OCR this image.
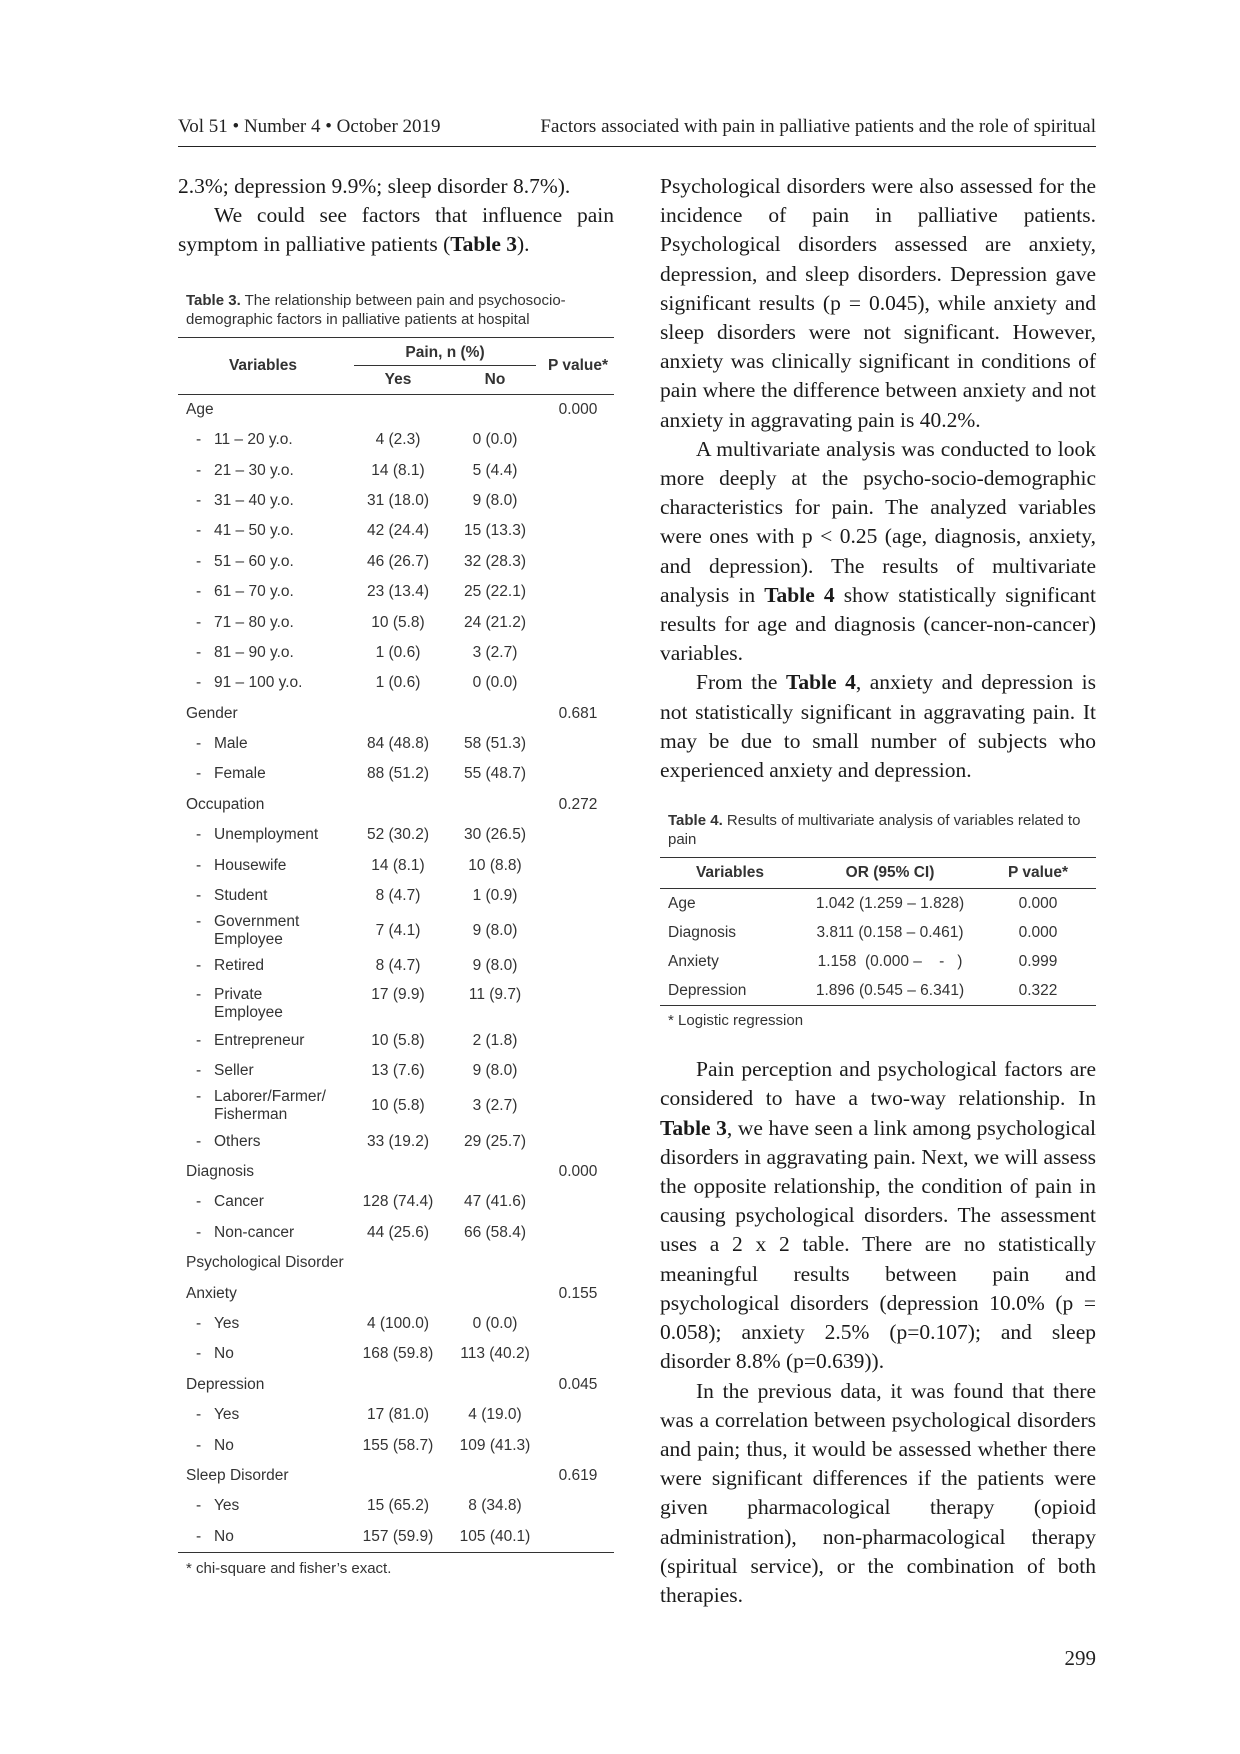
Vol 51 • Number 4 • October 2019	Factors associated with pain in palliative patients and the role of spiritual

2.3%; depression 9.9%; sleep disorder 8.7%).

We could see factors that influence pain symptom in palliative patients (Table 3).

Table 3. The relationship between pain and psychosocio-demographic factors in palliative patients at hospital

Variables	Pain, n (%)		P value*
	Yes	No	
Age			0.000

- 11 – 20 y.o.	4 (2.3)	0 (0.0)	

- 21 – 30 y.o.	14 (8.1)	5 (4.4)	

- 31 – 40 y.o.	31 (18.0)	9 (8.0)	

- 41 – 50 y.o.	42 (24.4)	15 (13.3)	

- 51 – 60 y.o.	46 (26.7)	32 (28.3)	

- 61 – 70 y.o.	23 (13.4)	25 (22.1)	

- 71 – 80 y.o.	10 (5.8)	24 (21.2)	

- 81 – 90 y.o.	1 (0.6)	3 (2.7)	

- 91 – 100 y.o.	1 (0.6)	0 (0.0)	
Gender			0.681

- Male	84 (48.8)	58 (51.3)	

- Female	88 (51.2)	55 (48.7)	
Occupation			0.272

- Unemployment	52 (30.2)	30 (26.5)	

- Housewife	14 (8.1)	10 (8.8)	

- Student	8 (4.7)	1 (0.9)	

- Government Employee	7 (4.1)	9 (8.0)	

- Retired	8 (4.7)	9 (8.0)	

- Private Employee	17 (9.9)	11 (9.7)	

- Entrepreneur	10 (5.8)	2 (1.8)	

- Seller	13 (7.6)	9 (8.0)	

- Laborer/Farmer/ Fisherman	10 (5.8)	3 (2.7)	

- Others	33 (19.2)	29 (25.7)	
Diagnosis			0.000

- Cancer	128 (74.4)	47 (41.6)	

- Non-cancer	44 (25.6)	66 (58.4)	
Psychological Disorder			
Anxiety			0.155

- Yes	4 (100.0)	0 (0.0)	

- No	168 (59.8)	113 (40.2)	
Depression			0.045

- Yes	17 (81.0)	4 (19.0)	

- No	155 (58.7)	109 (41.3)	
Sleep Disorder			0.619

- Yes	15 (65.2)	8 (34.8)	

- No	157 (59.9)	105 (40.1)	
* chi-square and fisher’s exact.

Psychological disorders were also assessed for the incidence of pain in palliative patients. Psychological disorders assessed are anxiety, depression, and sleep disorders. Depression gave significant results (p = 0.045), while anxiety and sleep disorders were not significant. However, anxiety was clinically significant in conditions of pain where the difference between anxiety and not anxiety in aggravating pain is 40.2%.

A multivariate analysis was conducted to look more deeply at the psycho-socio-demographic characteristics for pain. The analyzed variables were ones with p < 0.25 (age, diagnosis, anxiety, and depression). The results of multivariate analysis in Table 4 show statistically significant results for age and diagnosis (cancer-non-cancer) variables.

From the Table 4, anxiety and depression is not statistically significant in aggravating pain. It may be due to small number of subjects who experienced anxiety and depression.

Table 4. Results of multivariate analysis of variables related to pain

Variables	OR (95% CI)	P value*
Age	1.042 (1.259 – 1.828)	0.000
Diagnosis	3.811 (0.158 – 0.461)	0.000
Anxiety	1.158  (0.000 –    -   )	0.999
Depression	1.896 (0.545 – 6.341)	0.322
* Logistic regression

Pain perception and psychological factors are considered to have a two-way relationship. In Table 3, we have seen a link among psychological disorders in aggravating pain. Next, we will assess the opposite relationship, the condition of pain in causing psychological disorders. The assessment uses a 2 x 2 table. There are no statistically meaningful results between pain and psychological disorders (depression 10.0% (p = 0.058); anxiety 2.5% (p=0.107); and sleep disorder 8.8% (p=0.639)).

In the previous data, it was found that there was a correlation between psychological disorders and pain; thus, it would be assessed whether there were significant differences if the patients were given pharmacological therapy (opioid administration), non-pharmacological therapy (spiritual service), or the combination of both therapies.

299
